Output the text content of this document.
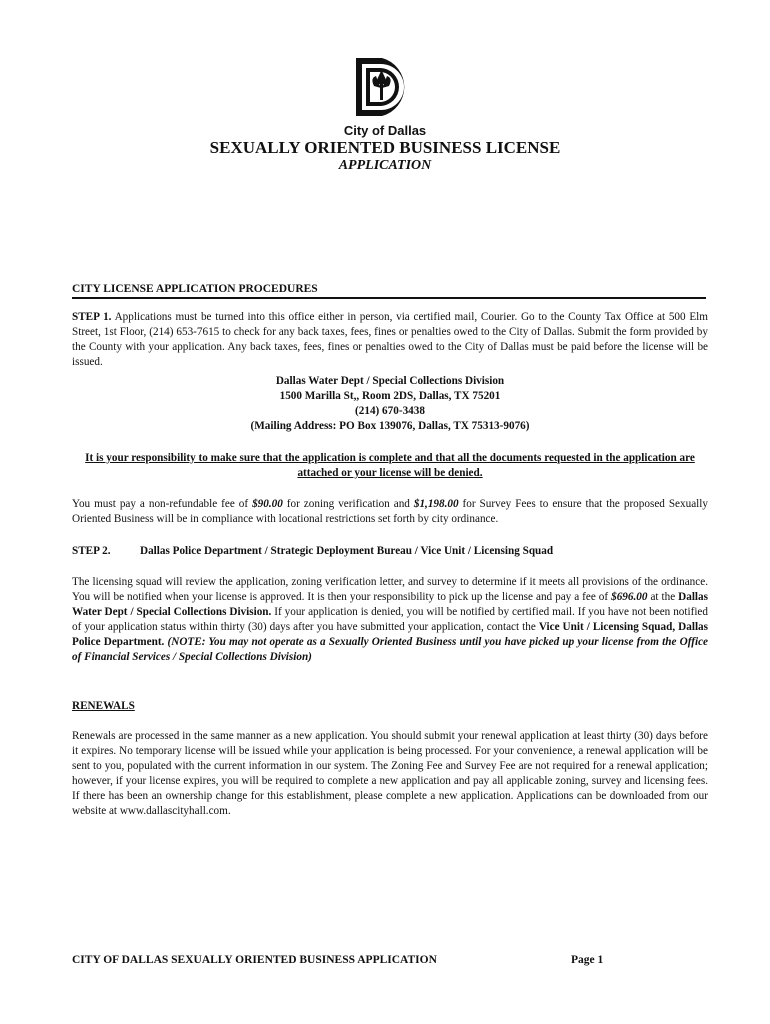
City of Dallas
SEXUALLY ORIENTED BUSINESS LICENSE
APPLICATION
CITY LICENSE APPLICATION PROCEDURES
STEP 1. Applications must be turned into this office either in person, via certified mail, Courier. Go to the County Tax Office at 500 Elm Street, 1st Floor, (214) 653-7615 to check for any back taxes, fees, fines or penalties owed to the City of Dallas. Submit the form provided by the County with your application. Any back taxes, fees, fines or penalties owed to the City of Dallas must be paid before the license will be issued.
Dallas Water Dept / Special Collections Division
1500 Marilla St,, Room 2DS, Dallas, TX 75201
(214) 670-3438
(Mailing Address: PO Box 139076, Dallas, TX 75313-9076)
It is your responsibility to make sure that the application is complete and that all the documents requested in the application are attached or your license will be denied.
You must pay a non-refundable fee of $90.00 for zoning verification and $1,198.00 for Survey Fees to ensure that the proposed Sexually Oriented Business will be in compliance with locational restrictions set forth by city ordinance.
STEP 2.	Dallas Police Department / Strategic Deployment Bureau / Vice Unit / Licensing Squad
The licensing squad will review the application, zoning verification letter, and survey to determine if it meets all provisions of the ordinance. You will be notified when your license is approved. It is then your responsibility to pick up the license and pay a fee of $696.00 at the Dallas Water Dept / Special Collections Division. If your application is denied, you will be notified by certified mail. If you have not been notified of your application status within thirty (30) days after you have submitted your application, contact the Vice Unit / Licensing Squad, Dallas Police Department. (NOTE: You may not operate as a Sexually Oriented Business until you have picked up your license from the Office of Financial Services / Special Collections Division)
RENEWALS
Renewals are processed in the same manner as a new application. You should submit your renewal application at least thirty (30) days before it expires. No temporary license will be issued while your application is being processed. For your convenience, a renewal application will be sent to you, populated with the current information in our system. The Zoning Fee and Survey Fee are not required for a renewal application; however, if your license expires, you will be required to complete a new application and pay all applicable zoning, survey and licensing fees. If there has been an ownership change for this establishment, please complete a new application. Applications can be downloaded from our website at www.dallascityhall.com.
CITY OF DALLAS SEXUALLY ORIENTED BUSINESS APPLICATION	Page 1
